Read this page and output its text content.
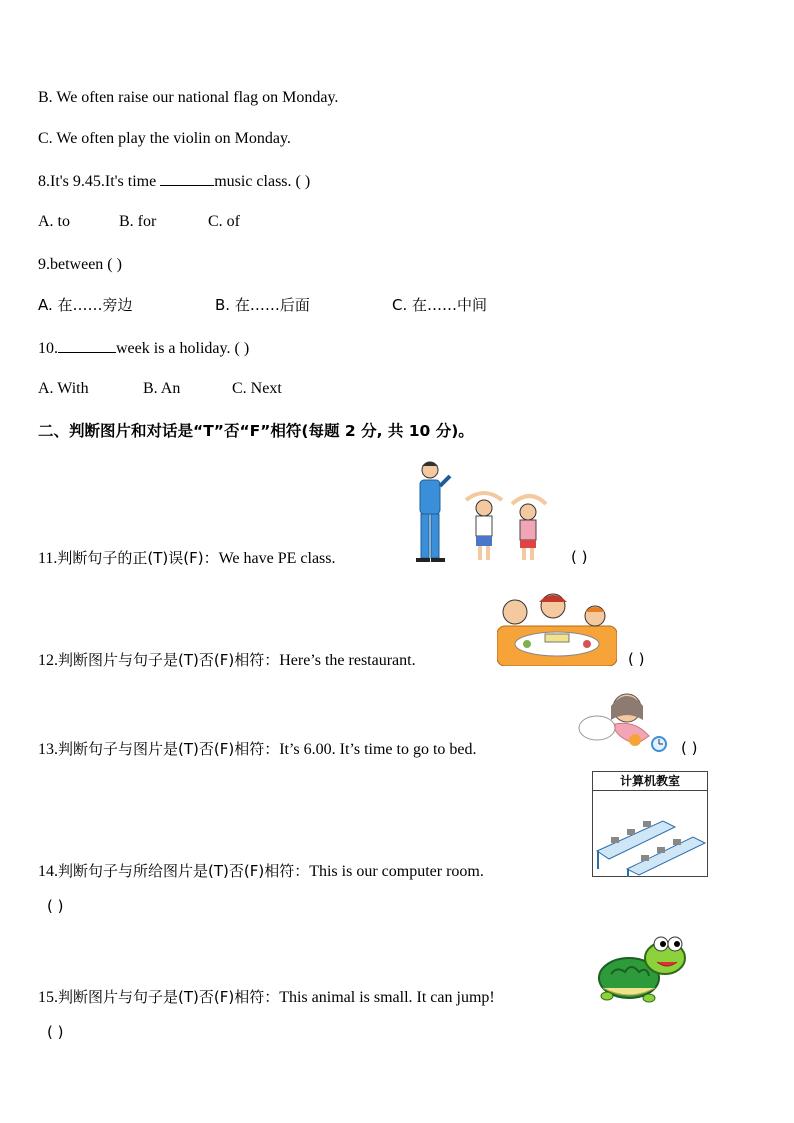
B. We often raise our national flag on Monday.
C. We often play the violin on Monday.
8.It's 9.45.It's time	music class. ( )
A. to	B. for	C. of
9.between ( )
A. 在……旁边	B. 在……后面	C. 在……中间
10.	week is a holiday. ( )
A. With	B. An	C. Next
二、判断图片和对话是“T”否“F”相符(每题 2 分, 共 10 分)。
11.判断句子的正(T)误(F)：We have PE class.	( )
12.判断图片与句子是(T)否(F)相符：Here’s the restaurant.	( )
13.判断句子与图片是(T)否(F)相符：It’s 6.00. It’s time to go to bed.	( )
14.判断句子与所给图片是(T)否(F)相符：This is our computer room.
计算机教室
( )
15.判断图片与句子是(T)否(F)相符：This animal is small. It can jump!
( )
